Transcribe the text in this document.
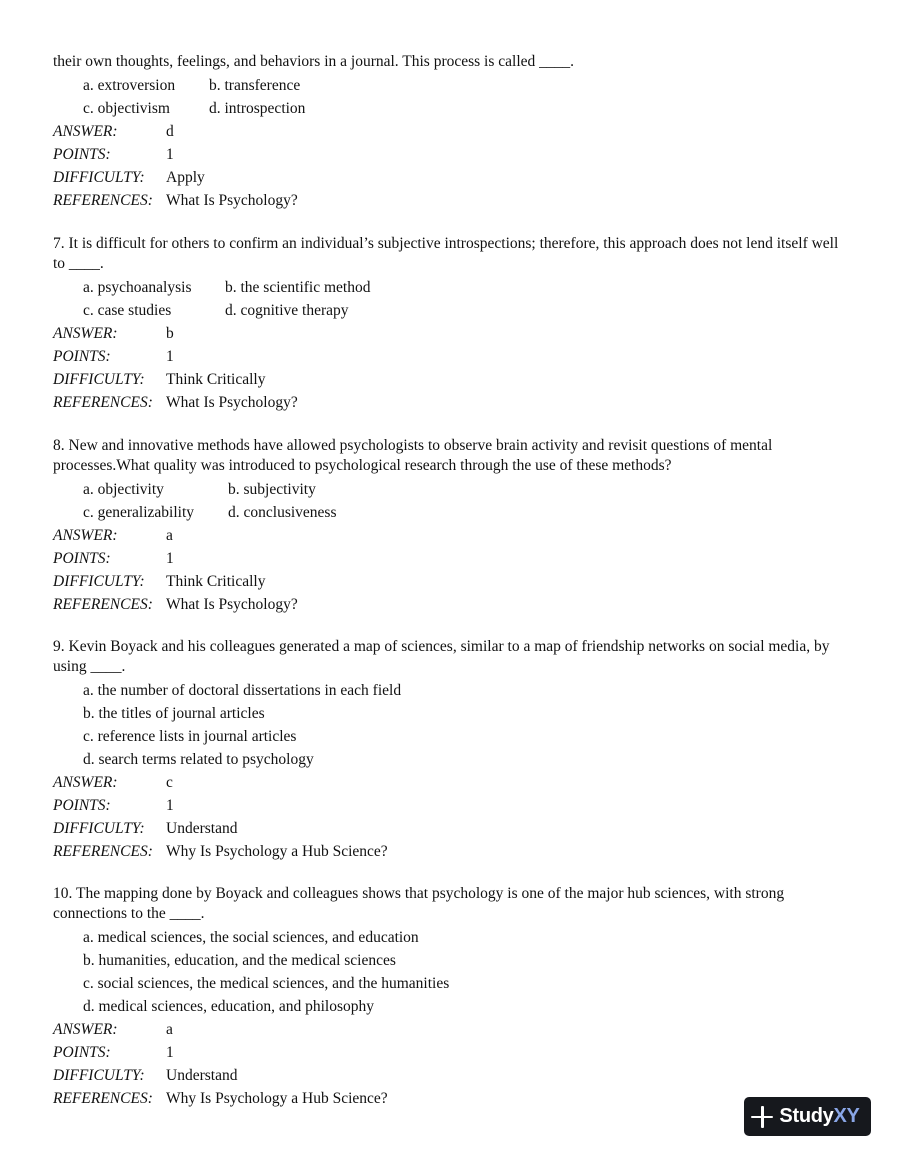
their own thoughts, feelings, and behaviors in a journal. This process is called ____.

a. extroversion	b. transference
c. objectivism	d. introspection
ANSWER:	d
POINTS:	1
DIFFICULTY:	Apply
REFERENCES: What Is Psychology?

7. It is difficult for others to confirm an individual’s subjective introspections; therefore, this approach does not lend itself well to ____.

a. psychoanalysis	b. the scientific method
c. case studies	d. cognitive therapy
ANSWER:	b
POINTS:	1
DIFFICULTY:	Think Critically
REFERENCES: What Is Psychology?

8. New and innovative methods have allowed psychologists to observe brain activity and revisit questions of mental processes.What quality was introduced to psychological research through the use of these methods?

a. objectivity	b. subjectivity
c. generalizability	d. conclusiveness
ANSWER:	a
POINTS:	1
DIFFICULTY:	Think Critically
REFERENCES: What Is Psychology?

9. Kevin Boyack and his colleagues generated a map of sciences, similar to a map of friendship networks on social media, by using ____.

a. the number of doctoral dissertations in each field
b. the titles of journal articles
c. reference lists in journal articles
d. search terms related to psychology
ANSWER:	c
POINTS:	1
DIFFICULTY:	Understand
REFERENCES: Why Is Psychology a Hub Science?

10. The mapping done by Boyack and colleagues shows that psychology is one of the major hub sciences, with strong connections to the ____.

a. medical sciences, the social sciences, and education
b. humanities, education, and the medical sciences
c. social sciences, the medical sciences, and the humanities
d. medical sciences, education, and philosophy
ANSWER:	a
POINTS:	1
DIFFICULTY:	Understand
REFERENCES: Why Is Psychology a Hub Science?
StudyXY
